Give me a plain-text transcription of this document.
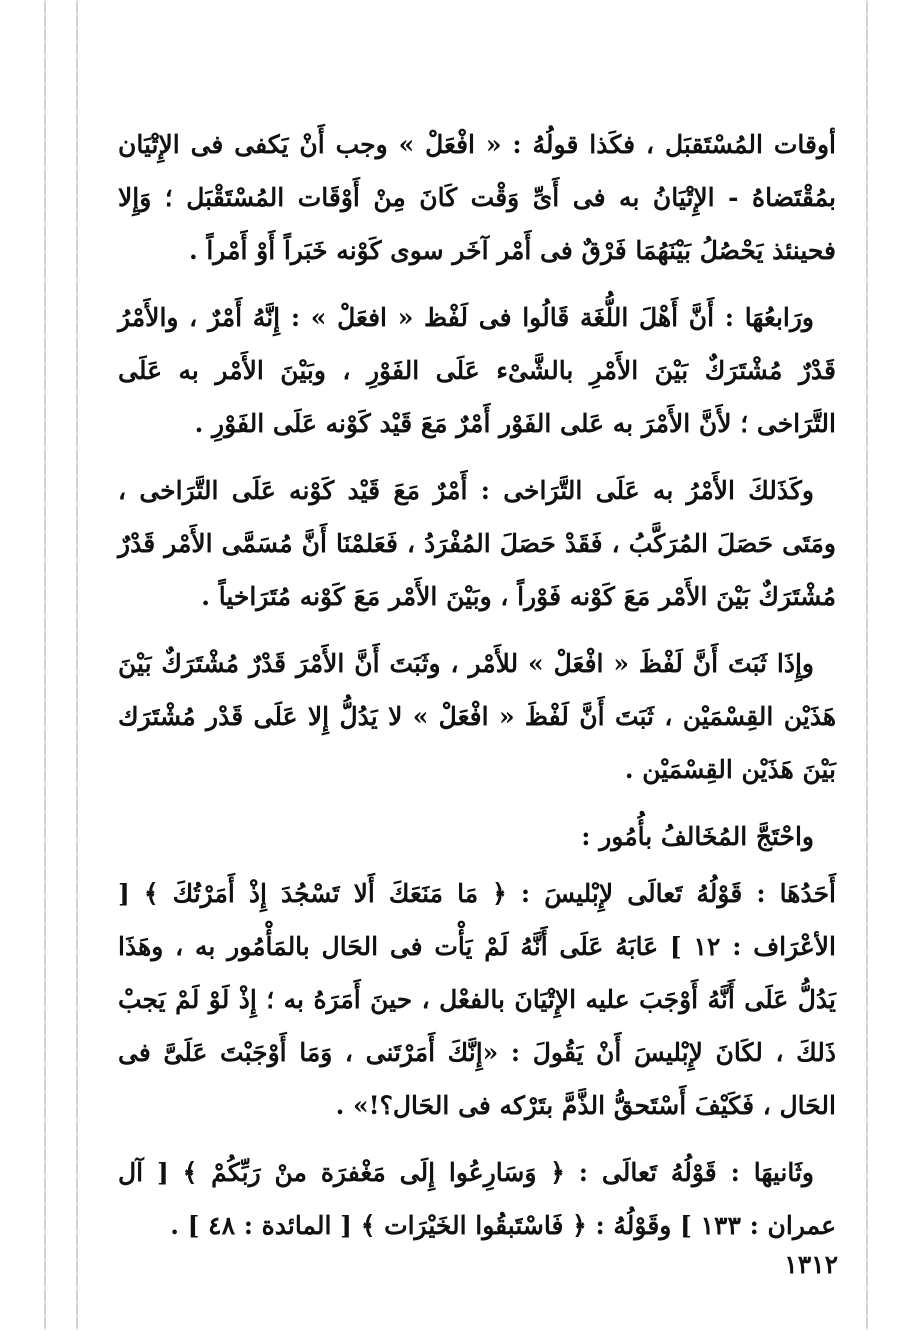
أوقات المُسْتَقبَل ، فكَذا قولُهُ : « افْعَلْ » وجب أَنْ يَكفى فى الإِتْيَان بمُقْتَضاهُ - الإِتْيَانُ به فى أَىِّ وَقْت كَانَ مِنْ أَوْقَات المُسْتَقْبَل ؛ وَإِلا فحينئذ يَحْصُلُ بَيْنَهُمَا فَرْقٌ فى أَمْر آخَر سوى كَوْنه خَبَراً أَوْ أَمْراً .

ورَابعُهَا : أَنَّ أَهْلَ اللُّغَة قَالُوا فى لَفْظ « افعَلْ » : إِنَّهُ أَمْرٌ ، والأَمْرُ قَدْرٌ مُشْتَرَكٌ بَيْنَ الأَمْرِ بالشَّىْء عَلَى الفَوْرِ ، وبَيْنَ الأَمْر به عَلَى التَّرَاخى ؛ لأَنَّ الأَمْرَ به عَلى الفَوْر أَمْرٌ مَعَ قَيْد كَوْنه عَلَى الفَوْرِ .

وكَذَلكَ الأَمْرُ به عَلَى التَّرَاخى : أَمْرٌ مَعَ قَيْد كَوْنه عَلَى التَّرَاخى ، ومَتَى حَصَلَ المُرَكَّبُ ، فَقَدْ حَصَلَ المُفْرَدُ ، فَعَلمْنَا أَنَّ مُسَمَّى الأَمْر قَدْرٌ مُشْتَرَكٌ بَيْنَ الأَمْر مَعَ كَوْنه فَوْراً ، وبَيْنَ الأَمْر مَعَ كَوْنه مُتَرَاخياً .

وإِذَا ثَبَتَ أَنَّ لَفْظَ « افْعَلْ » للأَمْر ، وثَبَتَ أَنَّ الأَمْرَ قَدْرٌ مُشْتَرَكٌ بَيْنَ هَذَيْن القِسْمَيْن ، ثَبَتَ أَنَّ لَفْظَ « افْعَلْ » لا يَدُلُّ إِلا عَلَى قَدْر مُشْتَرَك بَيْنَ هَذَيْن القِسْمَيْن .

واحْتَجَّ المُخَالفُ بأُمُور :

أَحَدُهَا : قَوْلُهُ تَعالَى لإِبْليسَ : ﴿ مَا مَنَعَكَ أَلا تَسْجُدَ إِذْ أَمَرْتُكَ ﴾ [ الأعْرَاف : ١٢ ] عَابَهُ عَلَى أَنَّهُ لَمْ يَأْت فى الحَال بالمَأْمُور به ، وهَذَا يَدُلُّ عَلَى أَنَّهُ أَوْجَبَ عليه الإِتْيَانَ بالفعْل ، حينَ أَمَرَهُ به ؛ إِذْ لَوْ لَمْ يَجبْ ذَلكَ ، لكَانَ لإِبْليسَ أَنْ يَقُولَ : «إِنَّكَ أَمَرْتَنى ، وَمَا أَوْجَبْتَ عَلَىَّ فى الحَال ، فَكَيْفَ أَسْتَحقُّ الذَّمَّ بتَرْكه فى الحَال؟!» .

وثَانيهَا : قَوْلُهُ تَعالَى : ﴿ وَسَارِعُوا إِلَى مَغْفرَة منْ رَبِّكُمْ ﴾ [ آل عمران : ١٣٣ ] وقَوْلُهُ : ﴿ فَاسْتَبقُوا الخَيْرَات ﴾ [ المائدة : ٤٨ ] .

١٣١٢
